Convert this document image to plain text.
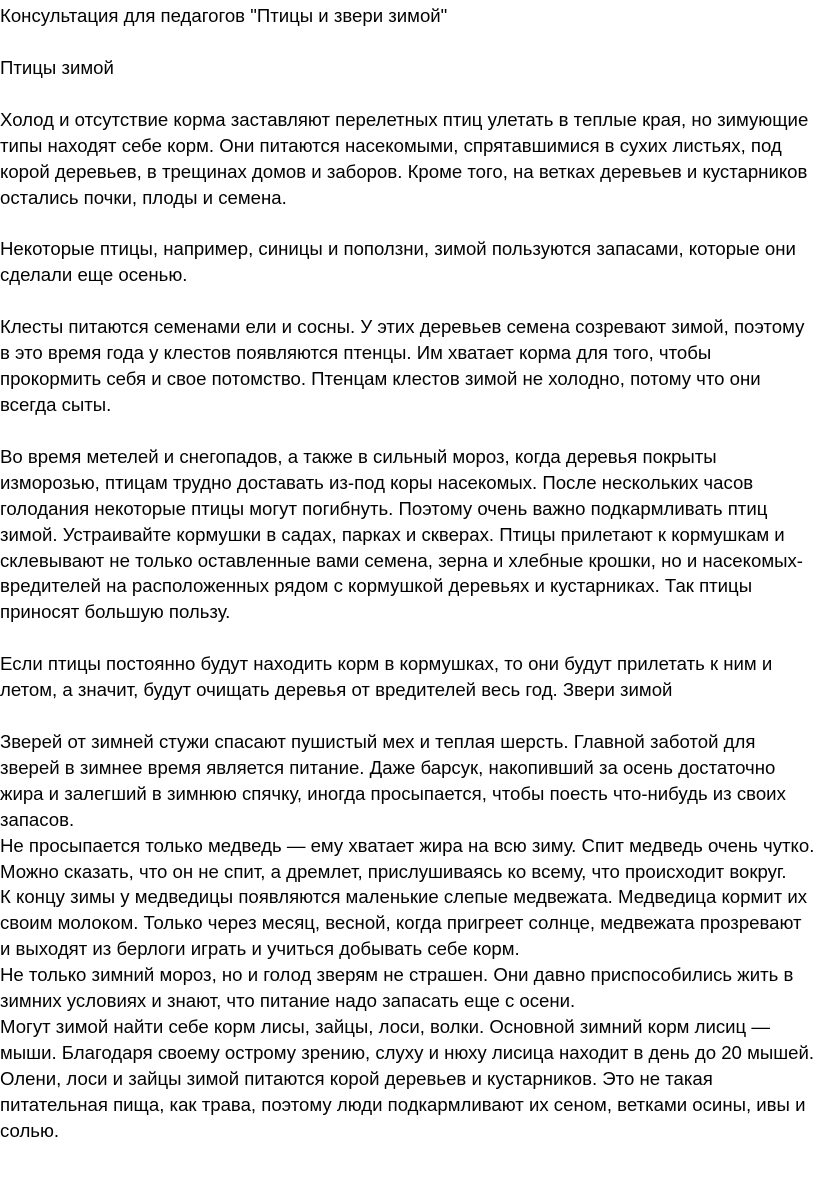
Консультация для педагогов "Птицы и звери зимой"
Птицы зимой

Холод и отсутствие корма заставляют перелетных птиц улетать в теплые края, но зимующие типы находят себе корм. Они питаются насекомыми, спрятавшимися в сухих листьях, под корой деревьев, в трещинах домов и заборов. Кроме того, на ветках деревьев и кустарников остались почки, плоды и семена.

Некоторые птицы, например, синицы и поползни, зимой пользуются запасами, которые они сделали еще осенью.

Клесты питаются семенами ели и сосны. У этих деревьев семена созревают зимой, поэтому в это время года у клестов появляются птенцы. Им хватает корма для того, чтобы прокормить себя и свое потомство. Птенцам клестов зимой не холодно, потому что они всегда сыты.

Во время метелей и снегопадов, а также в сильный мороз, когда деревья покрыты изморозью, птицам трудно доставать из-под коры насекомых. После нескольких часов голодания некоторые птицы могут погибнуть. Поэтому очень важно подкармливать птиц зимой. Устраивайте кормушки в садах, парках и скверах. Птицы прилетают к кормушкам и склевывают не только оставленные вами семена, зерна и хлебные крошки, но и насекомых-вредителей на расположенных рядом с кормушкой деревьях и кустарниках. Так птицы приносят большую пользу.

Если птицы постоянно будут находить корм в кормушках, то они будут прилетать к ним и летом, а значит, будут очищать деревья от вредителей весь год. Звери зимой

Зверей от зимней стужи спасают пушистый мех и теплая шерсть. Главной заботой для зверей в зимнее время является питание. Даже барсук, накопивший за осень достаточно жира и залегший в зимнюю спячку, иногда просыпается, чтобы поесть что-нибудь из своих запасов.

Не просыпается только медведь — ему хватает жира на всю зиму. Спит медведь очень чутко. Можно сказать, что он не спит, а дремлет, прислушиваясь ко всему, что происходит вокруг.

К концу зимы у медведицы появляются маленькие слепые медвежата. Медведица кормит их своим молоком. Только через месяц, весной, когда пригреет солнце, медвежата прозревают и выходят из берлоги играть и учиться добывать себе корм.

Не только зимний мороз, но и голод зверям не страшен. Они давно приспособились жить в зимних условиях и знают, что питание надо запасать еще с осени.

Могут зимой найти себе корм лисы, зайцы, лоси, волки. Основной зимний корм лисиц — мыши. Благодаря своему острому зрению, слуху и нюху лисица находит в день до 20 мышей.

Олени, лоси и зайцы зимой питаются корой деревьев и кустарников. Это не такая питательная пища, как трава, поэтому люди подкармливают их сеном, ветками осины, ивы и солью.
